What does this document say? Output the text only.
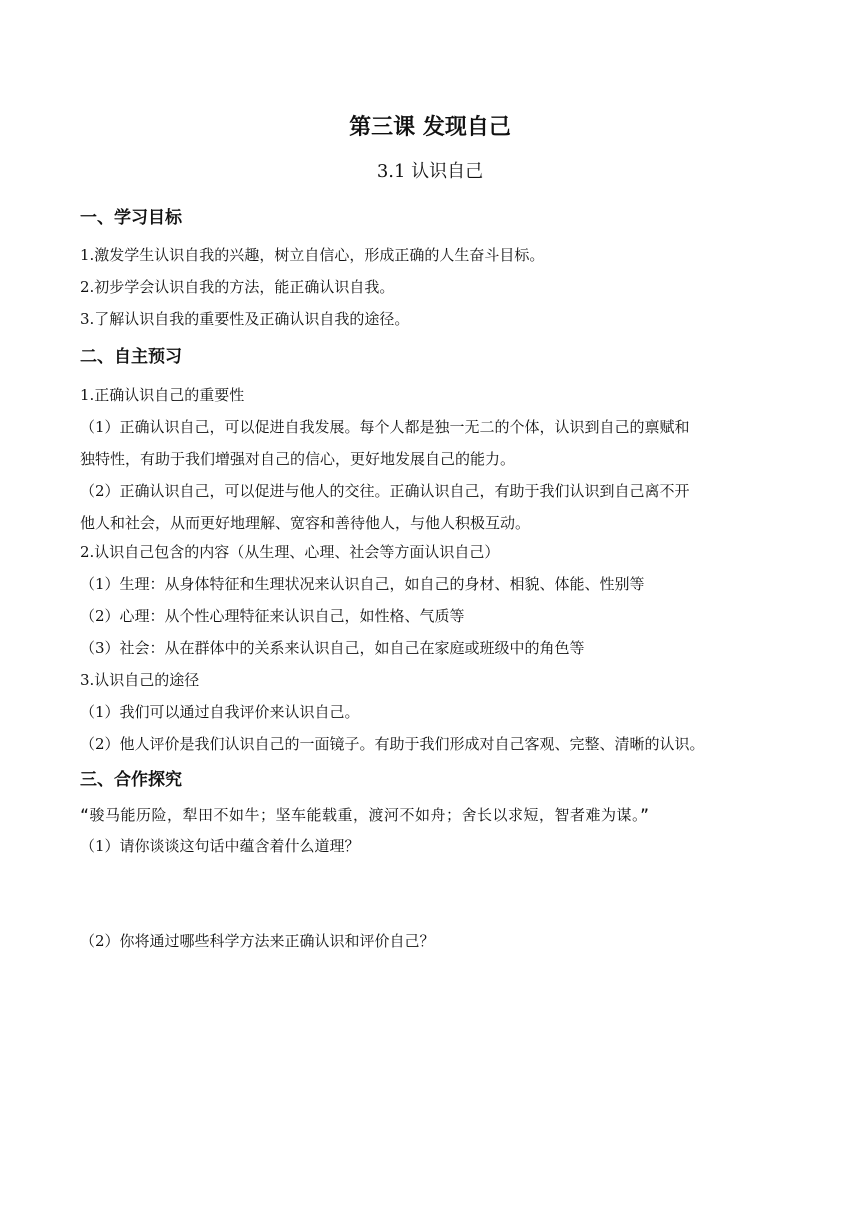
第三课 发现自己
3.1 认识自己
一、学习目标
1.激发学生认识自我的兴趣，树立自信心，形成正确的人生奋斗目标。
2.初步学会认识自我的方法，能正确认识自我。
3.了解认识自我的重要性及正确认识自我的途径。
二、自主预习
1.正确认识自己的重要性
（1）正确认识自己，可以促进自我发展。每个人都是独一无二的个体，认识到自己的禀赋和
独特性，有助于我们增强对自己的信心，更好地发展自己的能力。
（2）正确认识自己，可以促进与他人的交往。正确认识自己，有助于我们认识到自己离不开
他人和社会，从而更好地理解、宽容和善待他人，与他人积极互动。
2.认识自己包含的内容（从生理、心理、社会等方面认识自己）
（1）生理：从身体特征和生理状况来认识自己，如自己的身材、相貌、体能、性别等
（2）心理：从个性心理特征来认识自己，如性格、气质等
（3）社会：从在群体中的关系来认识自己，如自己在家庭或班级中的角色等
3.认识自己的途径
（1）我们可以通过自我评价来认识自己。
（2）他人评价是我们认识自己的一面镜子。有助于我们形成对自己客观、完整、清晰的认识。
三、合作探究
“骏马能历险，犁田不如牛；坚车能载重，渡河不如舟；舍长以求短，智者难为谋。”
（1）请你谈谈这句话中蕴含着什么道理？
（2）你将通过哪些科学方法来正确认识和评价自己？
